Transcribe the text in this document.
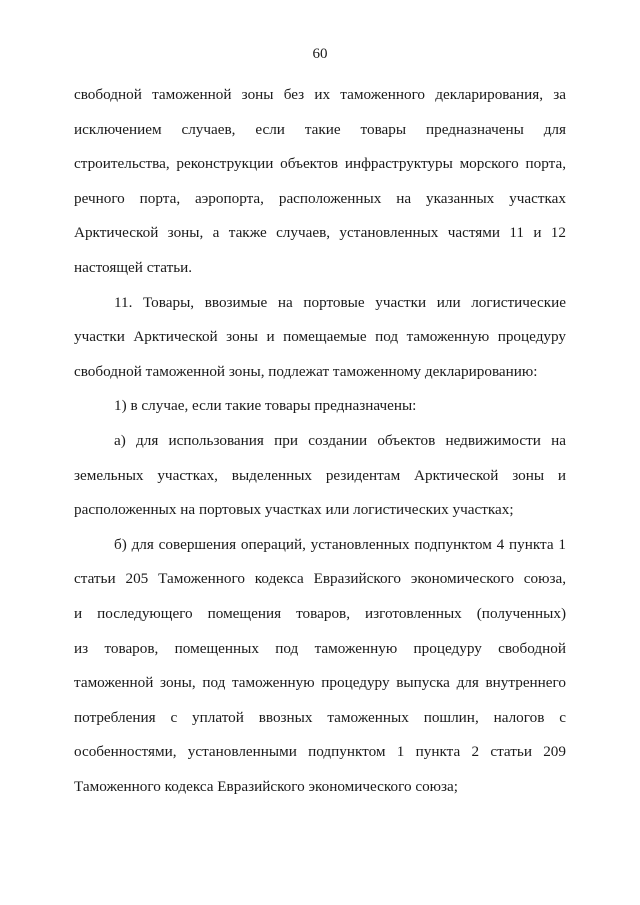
60
свободной таможенной зоны без их таможенного декларирования, за
исключением случаев, если такие товары предназначены для
строительства, реконструкции объектов инфраструктуры морского порта,
речного порта, аэропорта, расположенных на указанных участках
Арктической зоны, а также случаев, установленных частями 11 и 12
настоящей статьи.
11. Товары, ввозимые на портовые участки или логистические
участки Арктической зоны и помещаемые под таможенную процедуру
свободной таможенной зоны, подлежат таможенному декларированию:
1) в случае, если такие товары предназначены:
а) для использования при создании объектов недвижимости на
земельных участках, выделенных резидентам Арктической зоны и
расположенных на портовых участках или логистических участках;
б) для совершения операций, установленных подпунктом 4 пункта 1
статьи 205 Таможенного кодекса Евразийского экономического союза,
и последующего помещения товаров, изготовленных (полученных)
из товаров, помещенных под таможенную процедуру свободной
таможенной зоны, под таможенную процедуру выпуска для внутреннего
потребления с уплатой ввозных таможенных пошлин, налогов с
особенностями, установленными подпунктом 1 пункта 2 статьи 209
Таможенного кодекса Евразийского экономического союза;
